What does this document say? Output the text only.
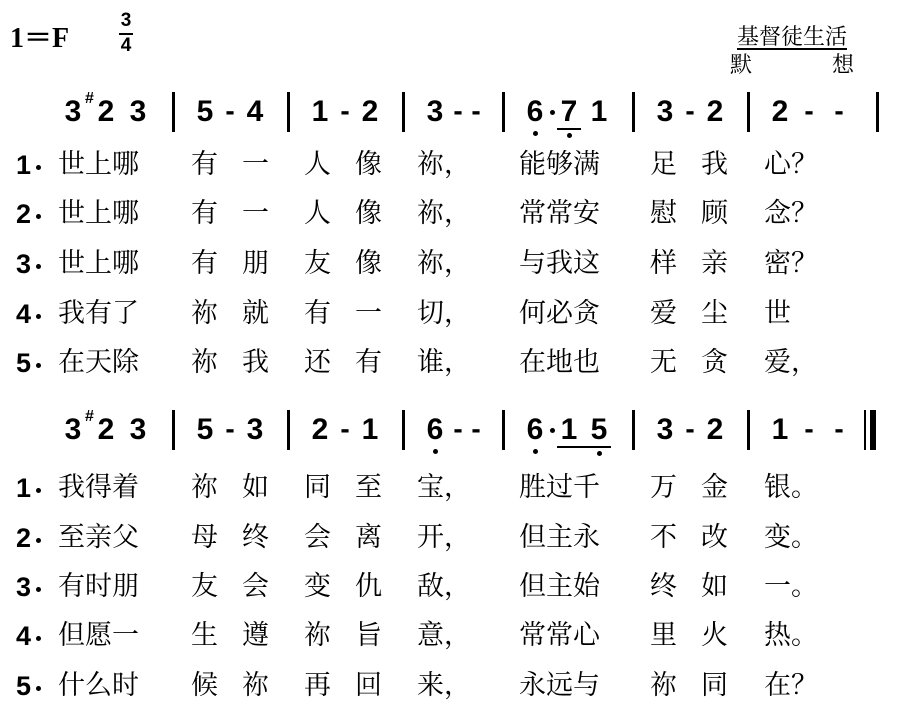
1＝F
3
4	基督徒生活
默	想
3 # 2 3 5 - 4 1 - 2 3 - - 6 7 1 3 - 2 2 - -
1 世上哪 有一 人像 祢， 能够满 足我 心？
2 世上哪 有一 人像 祢， 常常安 慰顾 念？
3 世上哪 有朋 友像 祢， 与我这 样亲 密？
4 我有了 祢就 有一 切， 何必贪 爱尘 世
5 在天除 祢我 还有 谁， 在地也 无贪 爱，
3 # 2 3 5 - 3 2 - 1 6 - - 6 1 5 3 - 2 1 - -
1 我得着 祢如 同至 宝， 胜过千 万金 银。
2 至亲父 母终 会离 开， 但主永 不改 变。
3 有时朋 友会 变仇 敌， 但主始 终如 一。
4 但愿一 生遵 祢旨 意， 常常心 里火 热。
5 什么时 候祢 再回 来， 永远与 祢同 在？
